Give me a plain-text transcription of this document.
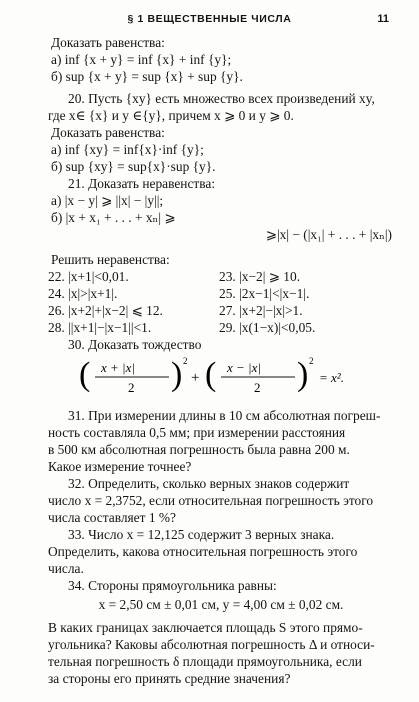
§ 1 ВЕЩЕСТВЕННЫЕ ЧИСЛА	11

Доказать равенства:

а) inf {x + y} = inf {x} + inf {y};

б) sup {x + y} = sup {x} + sup {y}.

20. Пусть {xy} есть множество всех произведений xy,

где x∈ {x} и y ∈{y}, причем x ⩾ 0 и y ⩾ 0.

Доказать равенства:

а) inf {xy} = inf{x}·inf {y};

б) sup {xy} = sup{x}·sup {y}.

21. Доказать неравенства:

а) |x − y| ⩾ ||x| − |y||;

б) |x + x₁ + . . . + xₙ| ⩾

⩾|x| − (|x₁| + . . . + |xₙ|)

Решить неравенства:

22. |x+1|<0,01.	23. |x−2| ⩾ 10.
24. |x|>|x+1|.	25. |2x−1|<|x−1|.
26. |x+2|+|x−2| ⩽ 12.	27. |x+2|−|x|>1.
28. ||x+1|−|x−1||<1.	29. |x(1−x)|<0,05.

30. Доказать тождество

( x + |x|
2 ) 2
+ ( x − |x|
2 ) 2
= x².

31. При измерении длины в 10 см абсолютная погреш-

ность составляла 0,5 мм; при измерении расстояния

в 500 км абсолютная погрешность была равна 200 м.

Какое измерение точнее?

32. Определить, сколько верных знаков содержит

число x = 2,3752, если относительная погрешность этого

числа составляет 1 %?

33. Число x = 12,125 содержит 3 верных знака.

Определить, какова относительная погрешность этого

числа.

34. Стороны прямоугольника равны:

x = 2,50 см ± 0,01 см, y = 4,00 см ± 0,02 см.

В каких границах заключается площадь S этого прямо-

угольника? Каковы абсолютная погрешность Δ и относи-

тельная погрешность δ площади прямоугольника, если

за стороны его принять средние значения?
